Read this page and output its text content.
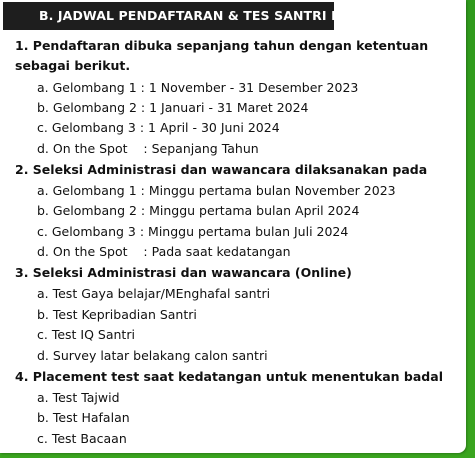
B. JADWAL PENDAFTARAN & TES SANTRI BARU
1. Pendaftaran dibuka sepanjang tahun dengan ketentuan
sebagai berikut.
a. Gelombang 1 : 1 November - 31 Desember 2023
b. Gelombang 2 : 1 Januari - 31 Maret 2024
c. Gelombang 3 : 1 April - 30 Juni 2024
d. On the Spot    : Sepanjang Tahun
2. Seleksi Administrasi dan wawancara dilaksanakan pada
a. Gelombang 1 : Minggu pertama bulan November 2023
b. Gelombang 2 : Minggu pertama bulan April 2024
c. Gelombang 3 : Minggu pertama bulan Juli 2024
d. On the Spot    : Pada saat kedatangan
3. Seleksi Administrasi dan wawancara (Online)
a. Test Gaya belajar/MEnghafal santri
b. Test Kepribadian Santri
c. Test IQ Santri
d. Survey latar belakang calon santri
4. Placement test saat kedatangan untuk menentukan badal
a. Test Tajwid
b. Test Hafalan
c. Test Bacaan
